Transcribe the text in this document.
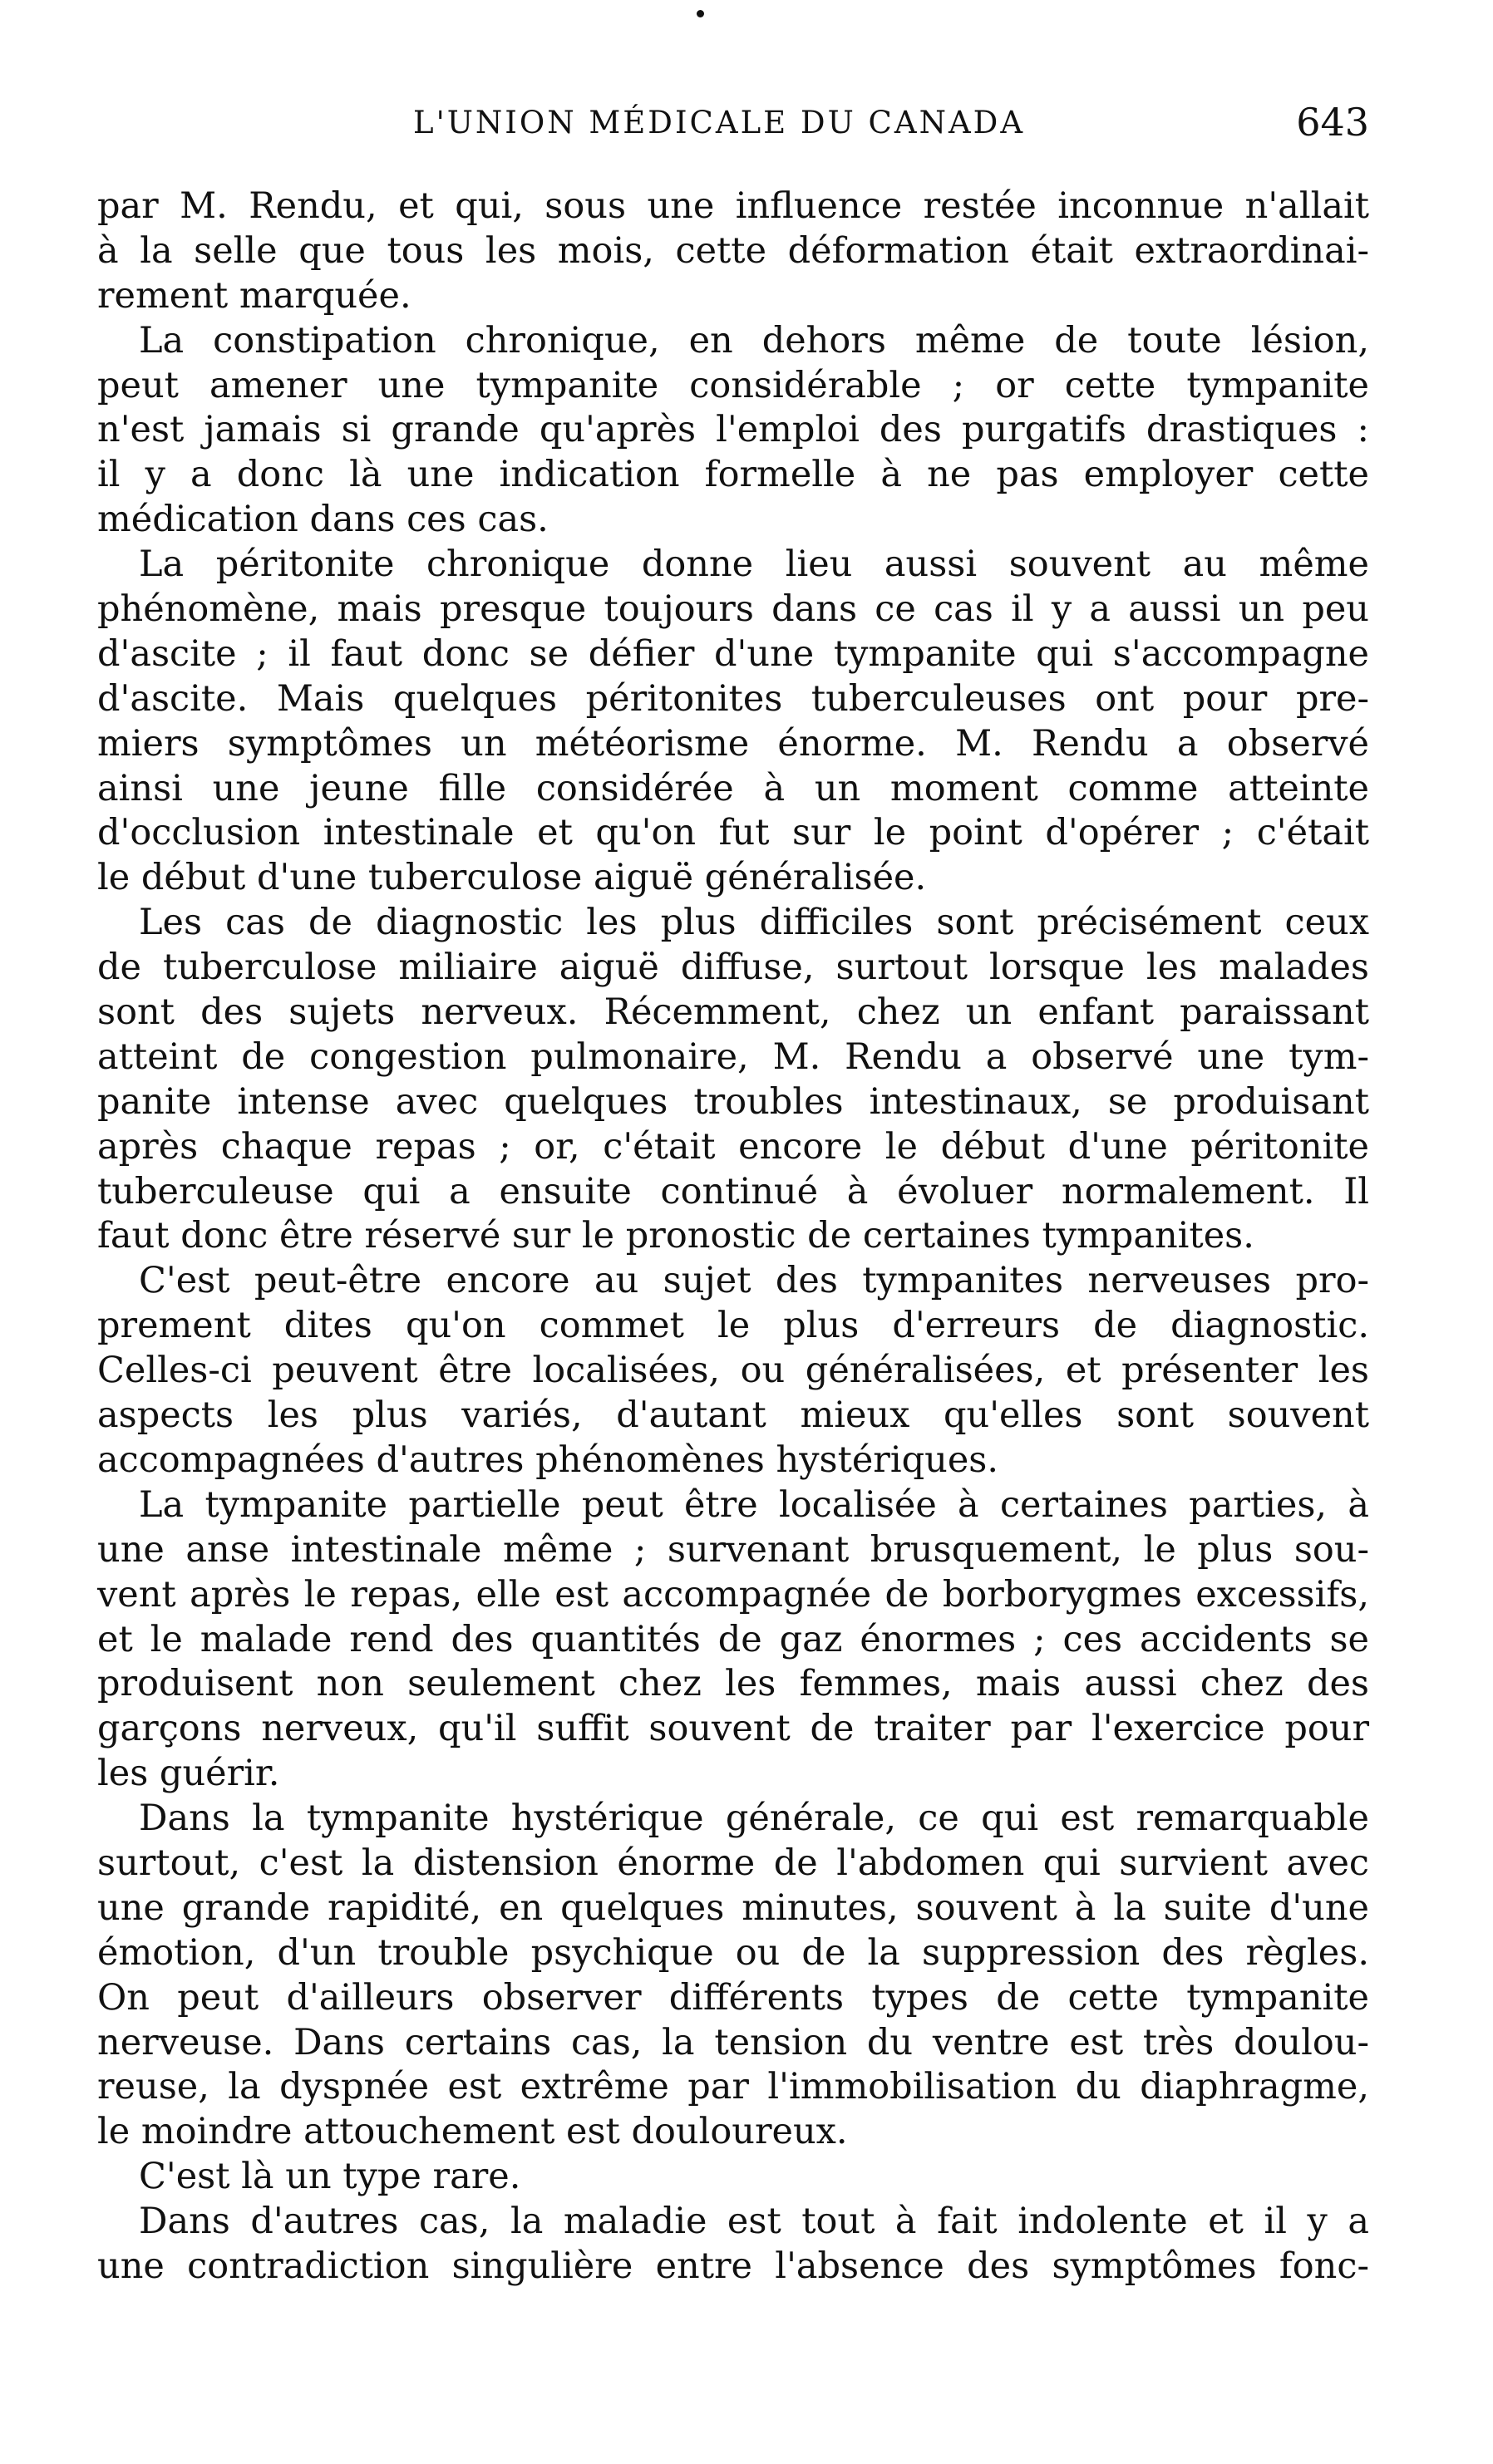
L'UNION MÉDICALE DU CANADA	643
par M. Rendu, et qui, sous une influence restée inconnue n'allait
à la selle que tous les mois, cette déformation était extraordinai-
rement marquée.
La constipation chronique, en dehors même de toute lésion,
peut amener une tympanite considérable ; or cette tympanite
n'est jamais si grande qu'après l'emploi des purgatifs drastiques :
il y a donc là une indication formelle à ne pas employer cette
médication dans ces cas.
La péritonite chronique donne lieu aussi souvent au même
phénomène, mais presque toujours dans ce cas il y a aussi un peu
d'ascite ; il faut donc se défier d'une tympanite qui s'accompagne
d'ascite. Mais quelques péritonites tuberculeuses ont pour pre-
miers symptômes un météorisme énorme. M. Rendu a observé
ainsi une jeune fille considérée à un moment comme atteinte
d'occlusion intestinale et qu'on fut sur le point d'opérer ; c'était
le début d'une tuberculose aiguë généralisée.
Les cas de diagnostic les plus difficiles sont précisément ceux
de tuberculose miliaire aiguë diffuse, surtout lorsque les malades
sont des sujets nerveux. Récemment, chez un enfant paraissant
atteint de congestion pulmonaire, M. Rendu a observé une tym-
panite intense avec quelques troubles intestinaux, se produisant
après chaque repas ; or, c'était encore le début d'une péritonite
tuberculeuse qui a ensuite continué à évoluer normalement. Il
faut donc être réservé sur le pronostic de certaines tympanites.
C'est peut-être encore au sujet des tympanites nerveuses pro-
prement dites qu'on commet le plus d'erreurs de diagnostic.
Celles-ci peuvent être localisées, ou généralisées, et présenter les
aspects les plus variés, d'autant mieux qu'elles sont souvent
accompagnées d'autres phénomènes hystériques.
La tympanite partielle peut être localisée à certaines parties, à
une anse intestinale même ; survenant brusquement, le plus sou-
vent après le repas, elle est accompagnée de borborygmes excessifs,
et le malade rend des quantités de gaz énormes ; ces accidents se
produisent non seulement chez les femmes, mais aussi chez des
garçons nerveux, qu'il suffit souvent de traiter par l'exercice pour
les guérir.
Dans la tympanite hystérique générale, ce qui est remarquable
surtout, c'est la distension énorme de l'abdomen qui survient avec
une grande rapidité, en quelques minutes, souvent à la suite d'une
émotion, d'un trouble psychique ou de la suppression des règles.
On peut d'ailleurs observer différents types de cette tympanite
nerveuse. Dans certains cas, la tension du ventre est très doulou-
reuse, la dyspnée est extrême par l'immobilisation du diaphragme,
le moindre attouchement est douloureux.
C'est là un type rare.
Dans d'autres cas, la maladie est tout à fait indolente et il y a
une contradiction singulière entre l'absence des symptômes fonc-
